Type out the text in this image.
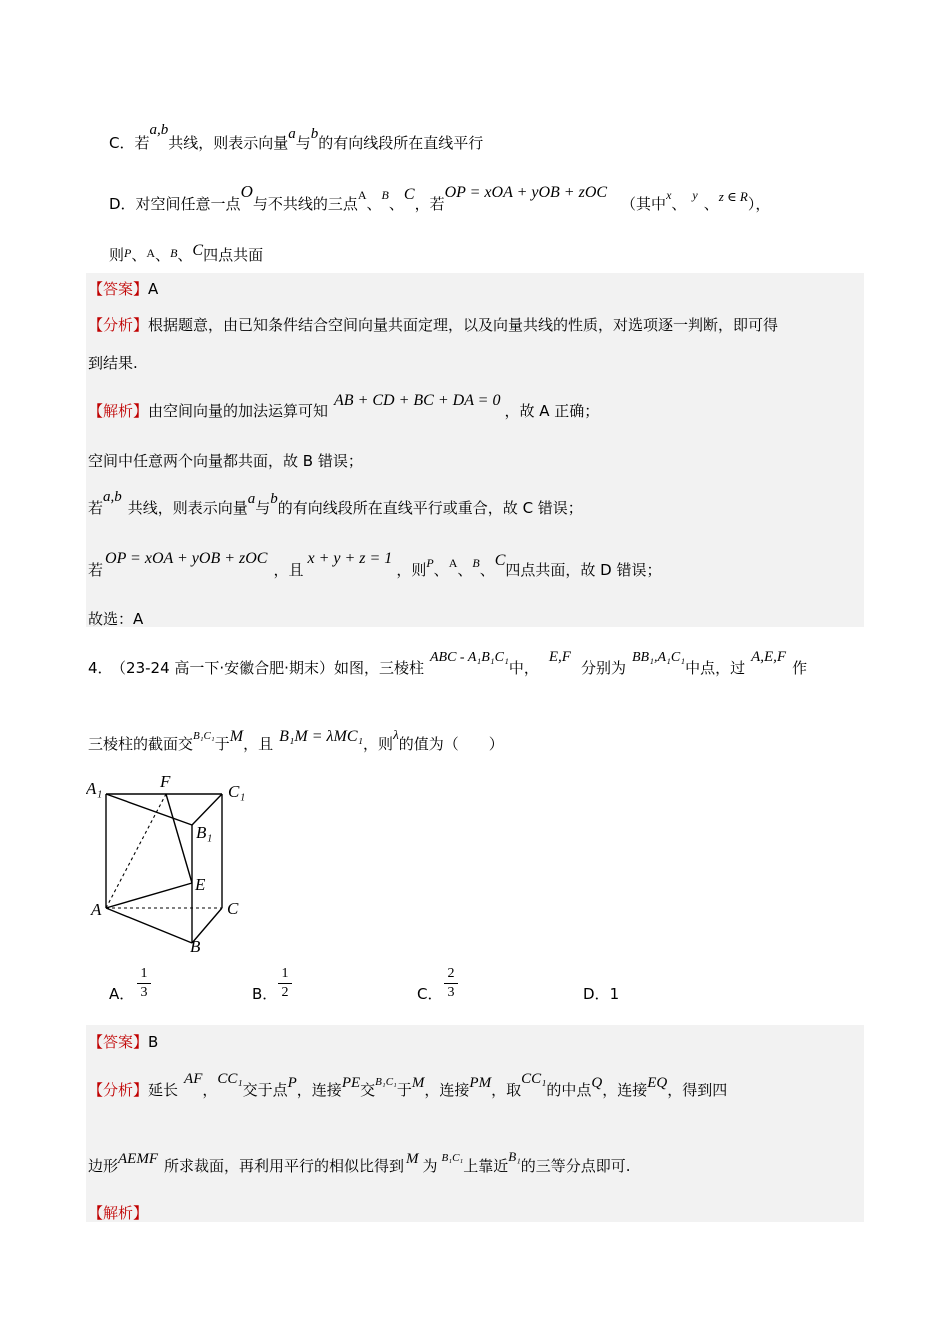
C．若a,b共线，则表示向量a与b的有向线段所在直线平行
D．对空间任意一点O与不共线的三点$^A$、$^B$、C，若OP = xOA + yOB + zOC（其中$^x$、 $^y$ 、z ∈ R），
则$^P$、$^A$、$^B$、C四点共面
【答案】A
【分析】根据题意，由已知条件结合空间向量共面定理，以及向量共线的性质，对选项逐一判断，即可得
到结果.
【解析】由空间向量的加法运算可知AB + CD + BC + DA = 0，故 A 正确；
空间中任意两个向量都共面，故 B 错误；
若a,b共线，则表示向量a与b的有向线段所在直线平行或重合，故 C 错误；
若OP = xOA + yOB + zOC，且x + y + z = 1，则$^P$、$^A$、$^B$、C四点共面，故 D 错误；
故选：A
4． （23-24 高一下·安徽合肥·期末）如图，三棱柱ABC - A₁B₁C₁中，E,F分别为BB₁,A₁C₁中点，过A,E,F作
三棱柱的截面交$^{B_1C_1}$于M，且 B₁M = λMC₁，则λ的值为（　　）
A₁	F
C₁
B₁
E
A	C
B
A．
1
3	B．
1
2	C．
2
3	D．1
【答案】B
【分析】延长AF，CC₁交于点P，连接PE交$^{B_1C_1}$于M，连接PM，取CC₁的中点Q，连接EQ，得到四
边形AEMF 所求裁面，再利用平行的相似比得到 M 为 $^{B_1C_1}$上靠近B₁的三等分点即可.
【解析】
